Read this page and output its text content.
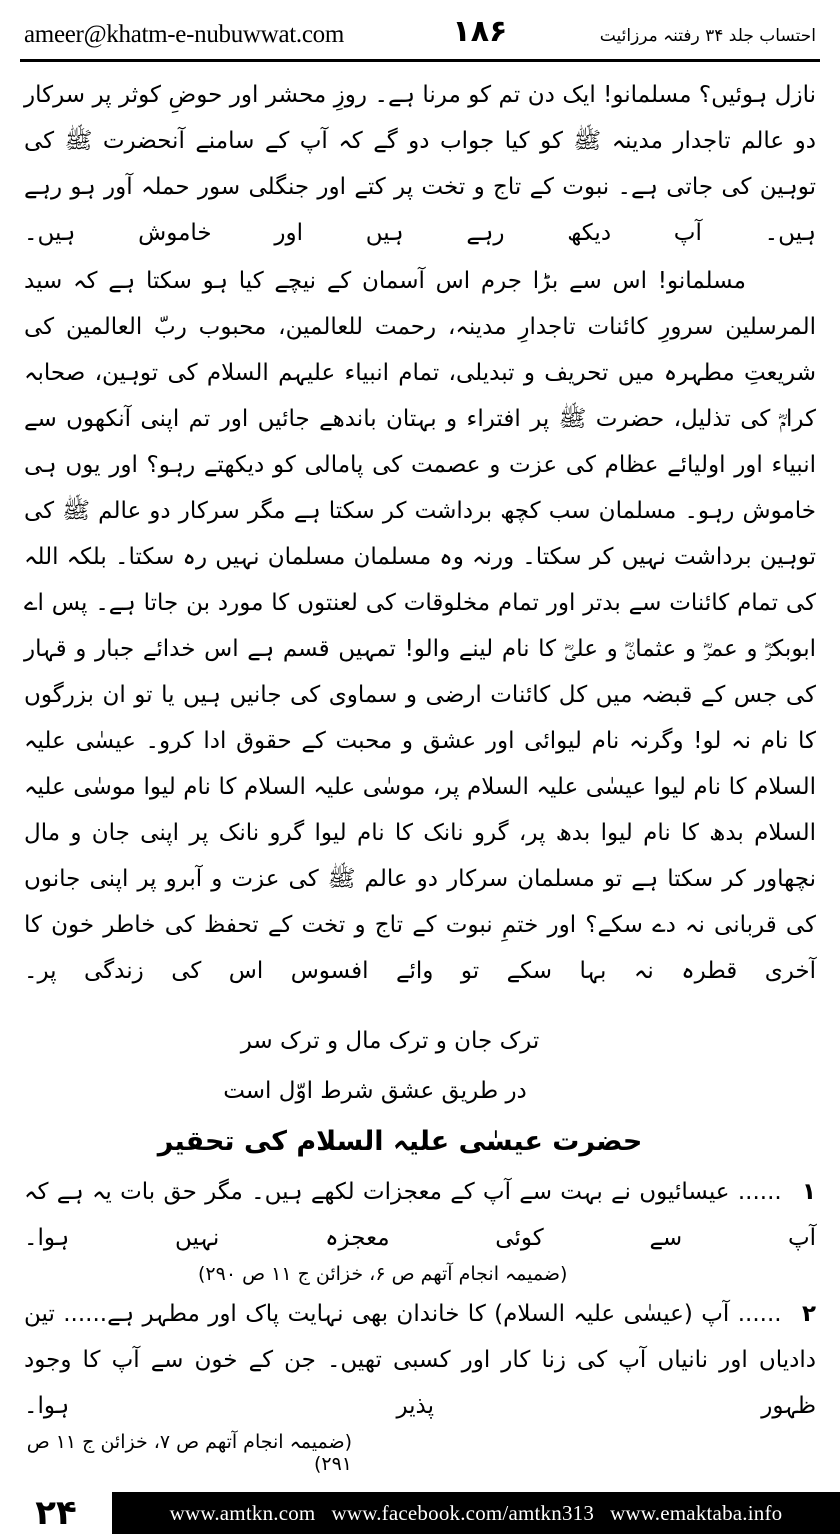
احتساب جلد ۳۴ رفتنہ مرزائیت
۱۸۶
ameer@khatm-e-nubuwwat.com

نازل ہوئیں؟ مسلمانو! ایک دن تم کو مرنا ہے۔ روزِ محشر اور حوضِ کوثر پر سرکار دو عالم تاجدار مدینہ ﷺ کو کیا جواب دو گے کہ آپ کے سامنے آنحضرت ﷺ کی توہین کی جاتی ہے۔ نبوت کے تاج و تخت پر کتے اور جنگلی سور حملہ آور ہو رہے ہیں۔ آپ دیکھ رہے ہیں اور خاموش ہیں۔

مسلمانو! اس سے بڑا جرم اس آسمان کے نیچے کیا ہو سکتا ہے کہ سید المرسلین سرورِ کائنات تاجدارِ مدینہ، رحمت للعالمین، محبوب ربّ العالمین کی شریعتِ مطہرہ میں تحریف و تبدیلی، تمام انبیاء علیہم السلام کی توہین، صحابہ کرامؓ کی تذلیل، حضرت ﷺ پر افتراء و بہتان باندھے جائیں اور تم اپنی آنکھوں سے انبیاء اور اولیائے عظام کی عزت و عصمت کی پامالی کو دیکھتے رہو؟ اور یوں ہی خاموش رہو۔ مسلمان سب کچھ برداشت کر سکتا ہے مگر سرکار دو عالم ﷺ کی توہین برداشت نہیں کر سکتا۔ ورنہ وہ مسلمان مسلمان نہیں رہ سکتا۔ بلکہ اللہ کی تمام کائنات سے بدتر اور تمام مخلوقات کی لعنتوں کا مورد بن جاتا ہے۔ پس اے ابوبکرؓ و عمرؓ و عثمانؓ و علیؓ کا نام لینے والو! تمہیں قسم ہے اس خدائے جبار و قہار کی جس کے قبضہ میں کل کائنات ارضی و سماوی کی جانیں ہیں یا تو ان بزرگوں کا نام نہ لو! وگرنہ نام لیوائی اور عشق و محبت کے حقوق ادا کرو۔ عیسٰی علیہ السلام کا نام لیوا عیسٰی علیہ السلام پر، موسٰی علیہ السلام کا نام لیوا موسٰی علیہ السلام بدھ کا نام لیوا بدھ پر، گرو نانک کا نام لیوا گرو نانک پر اپنی جان و مال نچھاور کر سکتا ہے تو مسلمان سرکار دو عالم ﷺ کی عزت و آبرو پر اپنی جانوں کی قربانی نہ دے سکے؟ اور ختمِ نبوت کے تاج و تخت کے تحفظ کی خاطر خون کا آخری قطرہ نہ بہا سکے تو وائے افسوس اس کی زندگی پر۔

ترک جان و ترک مال و ترک سر
در طریق عشق شرط اوّل است
حضرت عیسٰی علیہ السلام کی تحقیر
۱ ...... عیسائیوں نے بہت سے آپ کے معجزات لکھے ہیں۔ مگر حق بات یہ ہے کہ آپ سے کوئی معجزہ نہیں ہوا۔
(ضمیمہ انجام آتھم ص ۶، خزائن ج ۱۱ ص ۲۹۰)
۲ ...... آپ (عیسٰی علیہ السلام) کا خاندان بھی نہایت پاک اور مطہر ہے...... تین دادیاں اور نانیاں آپ کی زنا کار اور کسبی تھیں۔ جن کے خون سے آپ کا وجود ظہور پذیر ہوا۔
(ضمیمہ انجام آتھم ص ۷، خزائن ج ۱۱ ص ۲۹۱)
۲۴	www.amtkn.com www.facebook.com/amtkn313 www.emaktaba.info
